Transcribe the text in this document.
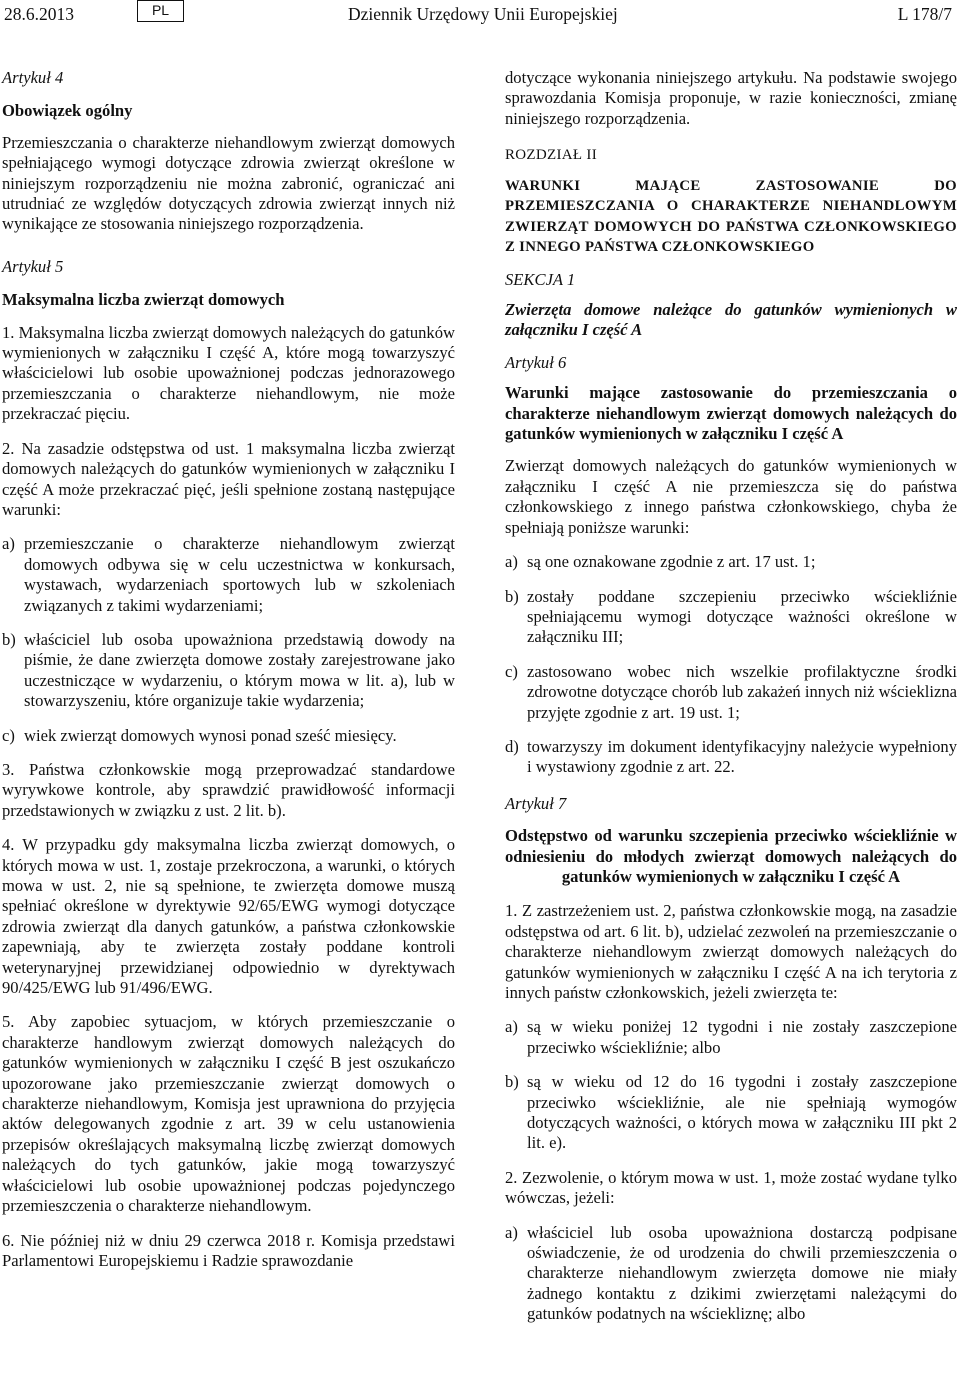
28.6.2013	PL	Dziennik Urzędowy Unii Europejskiej	L 178/7

Artykuł 4

Obowiązek ogólny

Przemieszczania o charakterze niehandlowym zwierząt domowych spełniającego wymogi dotyczące zdrowia zwierząt określone w niniejszym rozporządzeniu nie można zabronić, ograniczać ani utrudniać ze względów dotyczących zdrowia zwierząt innych niż wynikające ze stosowania niniejszego rozporządzenia.

Artykuł 5

Maksymalna liczba zwierząt domowych

1. Maksymalna liczba zwierząt domowych należących do gatunków wymienionych w załączniku I część A, które mogą towarzyszyć właścicielowi lub osobie upoważnionej podczas jednorazowego przemieszczania o charakterze niehandlowym, nie może przekraczać pięciu.

2. Na zasadzie odstępstwa od ust. 1 maksymalna liczba zwierząt domowych należących do gatunków wymienionych w załączniku I część A może przekraczać pięć, jeśli spełnione zostaną następujące warunki:

a) przemieszczanie o charakterze niehandlowym zwierząt domowych odbywa się w celu uczestnictwa w konkursach, wystawach, wydarzeniach sportowych lub w szkoleniach związanych z takimi wydarzeniami;
b) właściciel lub osoba upoważniona przedstawią dowody na piśmie, że dane zwierzęta domowe zostały zarejestrowane jako uczestniczące w wydarzeniu, o którym mowa w lit. a), lub w stowarzyszeniu, które organizuje takie wydarzenia;
c) wiek zwierząt domowych wynosi ponad sześć miesięcy.

3. Państwa członkowskie mogą przeprowadzać standardowe wyrywkowe kontrole, aby sprawdzić prawidłowość informacji przedstawionych w związku z ust. 2 lit. b).

4. W przypadku gdy maksymalna liczba zwierząt domowych, o których mowa w ust. 1, zostaje przekroczona, a warunki, o których mowa w ust. 2, nie są spełnione, te zwierzęta domowe muszą spełniać określone w dyrektywie 92/65/EWG wymogi dotyczące zdrowia zwierząt dla danych gatunków, a państwa członkowskie zapewniają, aby te zwierzęta zostały poddane kontroli weterynaryjnej przewidzianej odpowiednio w dyrektywach 90/425/EWG lub 91/496/EWG.

5. Aby zapobiec sytuacjom, w których przemieszczanie o charakterze handlowym zwierząt domowych należących do gatunków wymienionych w załączniku I część B jest oszukańczo upozorowane jako przemieszczanie zwierząt domowych o charakterze niehandlowym, Komisja jest uprawniona do przyjęcia aktów delegowanych zgodnie z art. 39 w celu ustanowienia przepisów określających maksymalną liczbę zwierząt domowych należących do tych gatunków, jakie mogą towarzyszyć właścicielowi lub osobie upoważnionej podczas pojedynczego przemieszczenia o charakterze niehandlowym.

6. Nie później niż w dniu 29 czerwca 2018 r. Komisja przedstawi Parlamentowi Europejskiemu i Radzie sprawozdanie

dotyczące wykonania niniejszego artykułu. Na podstawie swojego sprawozdania Komisja proponuje, w razie konieczności, zmianę niniejszego rozporządzenia.

ROZDZIAŁ II

WARUNKI MAJĄCE ZASTOSOWANIE DO PRZEMIESZCZANIA O CHARAKTERZE NIEHANDLOWYM ZWIERZĄT DOMOWYCH DO PAŃSTWA CZŁONKOWSKIEGO Z INNEGO PAŃSTWA CZŁONKOWSKIEGO

SEKCJA 1

Zwierzęta domowe należące do gatunków wymienionych w załączniku I część A

Artykuł 6

Warunki mające zastosowanie do przemieszczania o charakterze niehandlowym zwierząt domowych należących do gatunków wymienionych w załączniku I część A

Zwierząt domowych należących do gatunków wymienionych w załączniku I część A nie przemieszcza się do państwa członkowskiego z innego państwa członkowskiego, chyba że spełniają poniższe warunki:

a) są one oznakowane zgodnie z art. 17 ust. 1;
b) zostały poddane szczepieniu przeciwko wściekliźnie spełniającemu wymogi dotyczące ważności określone w załączniku III;
c) zastosowano wobec nich wszelkie profilaktyczne środki zdrowotne dotyczące chorób lub zakażeń innych niż wścieklizna przyjęte zgodnie z art. 19 ust. 1;
d) towarzyszy im dokument identyfikacyjny należycie wypełniony i wystawiony zgodnie z art. 22.

Artykuł 7

Odstępstwo od warunku szczepienia przeciwko wściekliźnie w odniesieniu do młodych zwierząt domowych należących do gatunków wymienionych w załączniku I część A

1. Z zastrzeżeniem ust. 2, państwa członkowskie mogą, na zasadzie odstępstwa od art. 6 lit. b), udzielać zezwoleń na przemieszczanie o charakterze niehandlowym zwierząt domowych należących do gatunków wymienionych w załączniku I część A na ich terytoria z innych państw członkowskich, jeżeli zwierzęta te:

a) są w wieku poniżej 12 tygodni i nie zostały zaszczepione przeciwko wściekliźnie; albo
b) są w wieku od 12 do 16 tygodni i zostały zaszczepione przeciwko wściekliźnie, ale nie spełniają wymogów dotyczących ważności, o których mowa w załączniku III pkt 2 lit. e).

2. Zezwolenie, o którym mowa w ust. 1, może zostać wydane tylko wówczas, jeżeli:

a) właściciel lub osoba upoważniona dostarczą podpisane oświadczenie, że od urodzenia do chwili przemieszczenia o charakterze niehandlowym zwierzęta domowe nie miały żadnego kontaktu z dzikimi zwierzętami należącymi do gatunków podatnych na wściekliznę; albo
